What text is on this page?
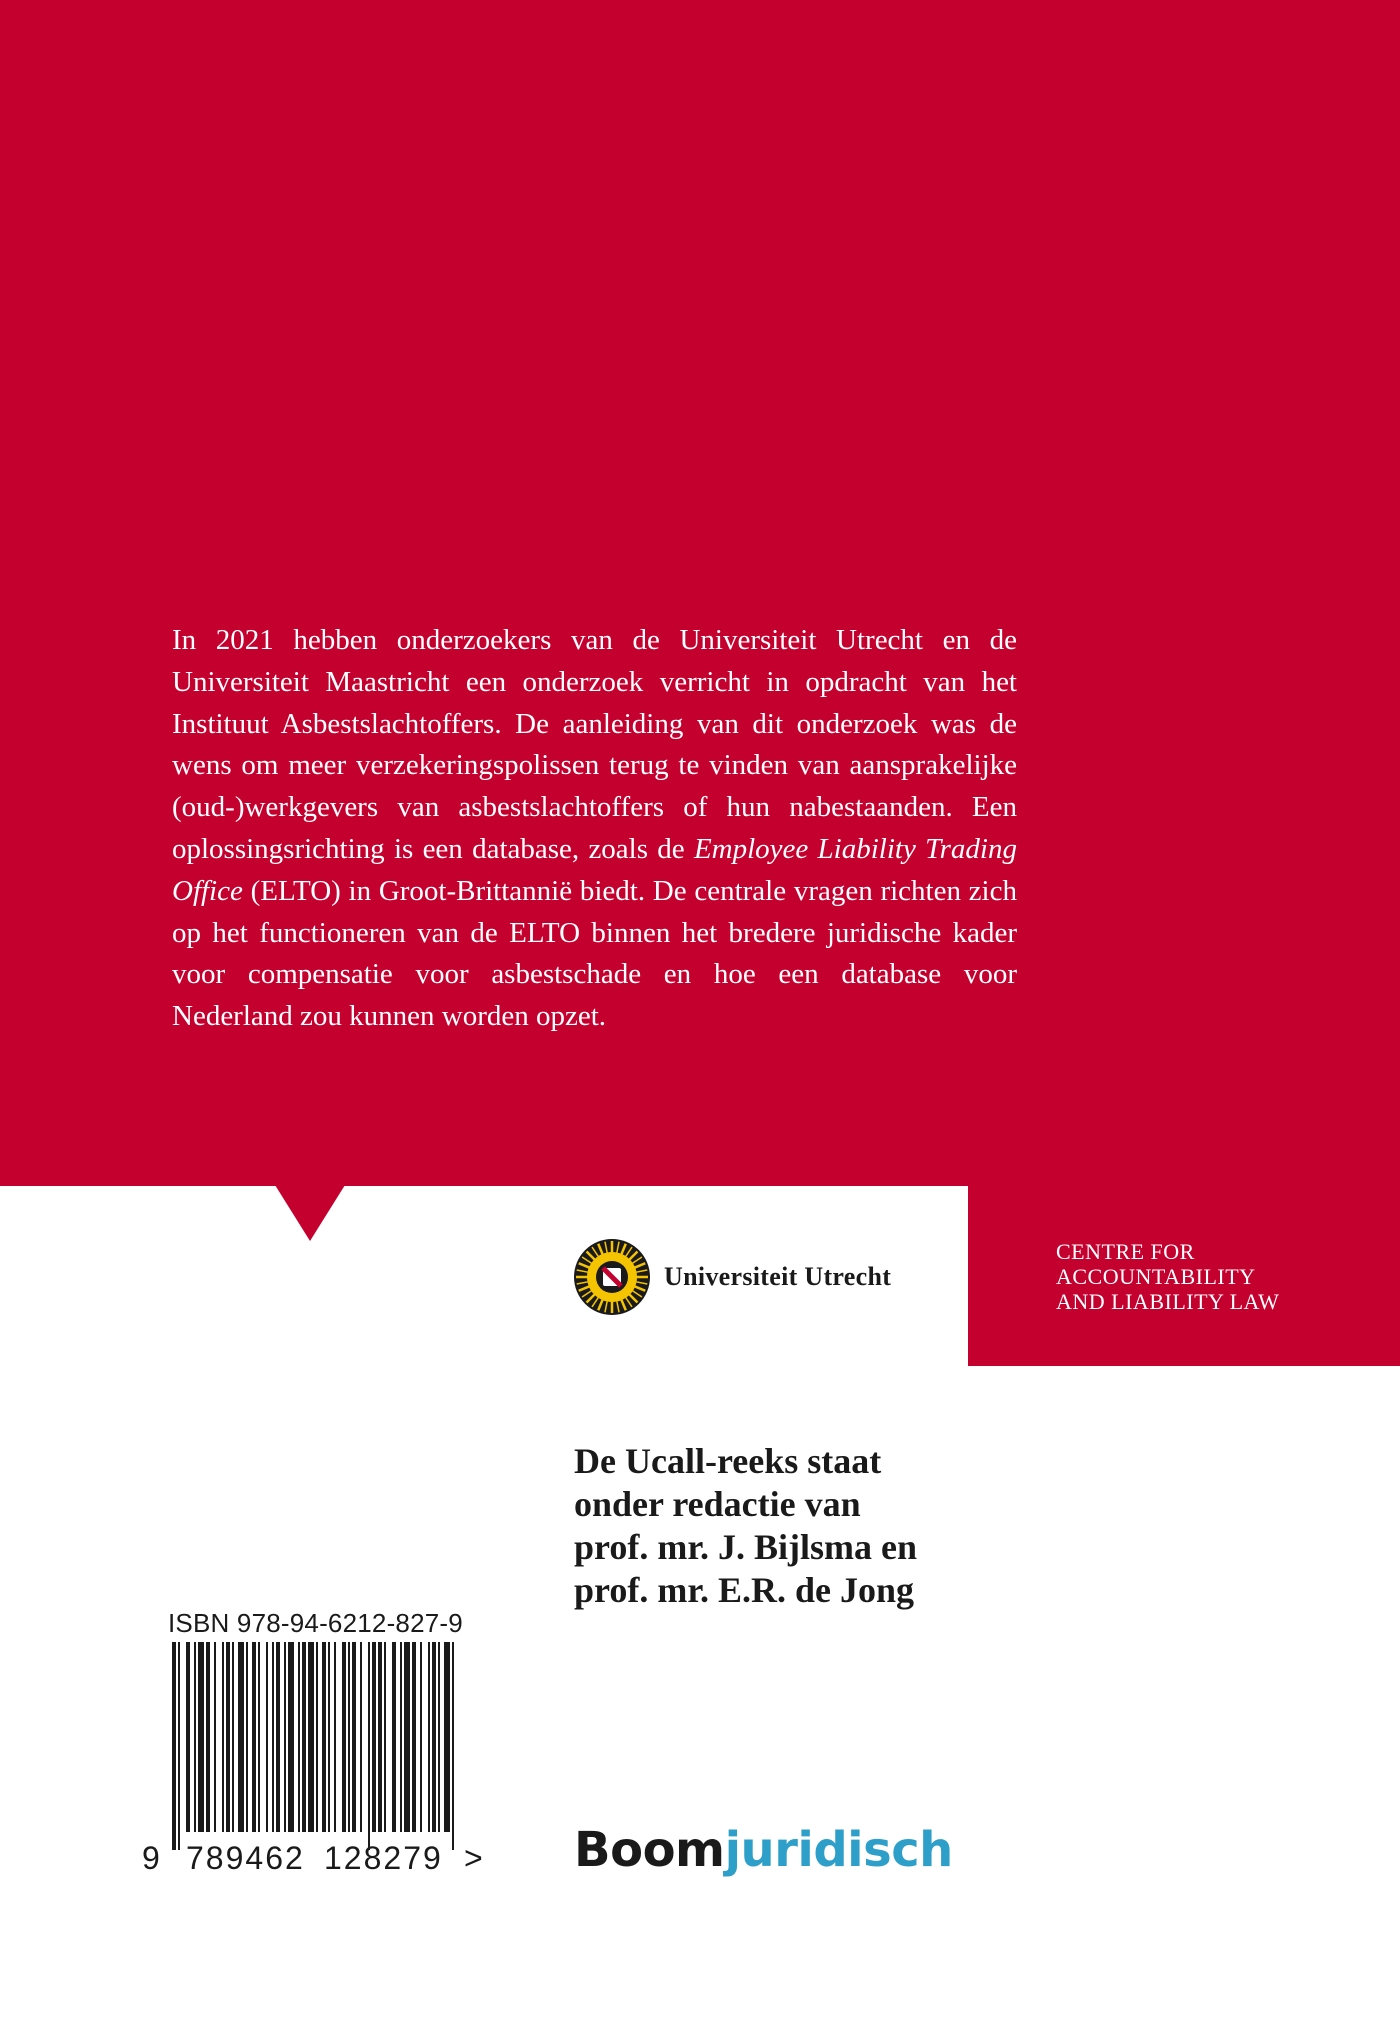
In 2021 hebben onderzoekers van de Universiteit Utrecht en de Universiteit Maastricht een onderzoek verricht in opdracht van het Instituut Asbestslachtoffers. De aanleiding van dit onderzoek was de wens om meer verzekeringspolissen terug te vinden van aansprakelijke (oud-)werkgevers van asbestslachtoffers of hun nabestaanden. Een oplossingsrichting is een database, zoals de Employee Liability Trading Office (ELTO) in Groot-Brittannië biedt. De centrale vragen richten zich op het functioneren van de ELTO binnen het bredere juridische kader voor compensatie voor asbestschade en hoe een database voor Nederland zou kunnen worden opzet.
Universiteit Utrecht
CENTRE FOR
ACCOUNTABILITY
AND LIABILITY LAW
De Ucall-reeks staat
onder redactie van
prof. mr. J. Bijlsma en
prof. mr. E.R. de Jong
ISBN 978-94-6212-827-9
9 789462 128279 > Boomjuridisch
